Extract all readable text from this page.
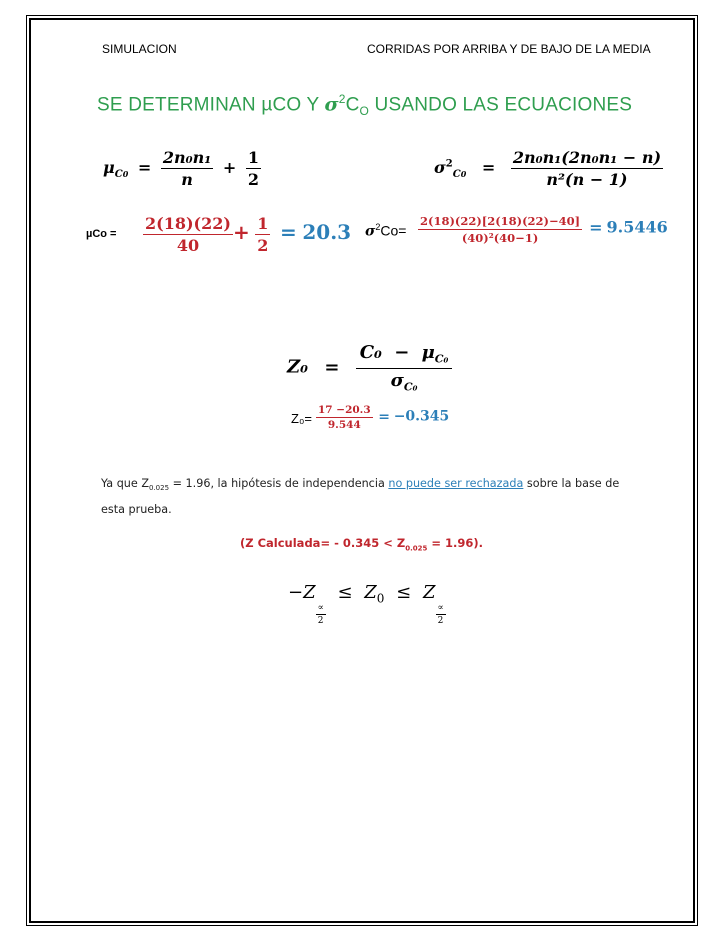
SIMULACION	CORRIDAS POR ARRIBA Y DE BAJO DE LA MEDIA
SE DETERMINAN µCO Y $\sigma^2C_O$ USANDO LAS ECUACIONES
$\mu_{C0} = \frac{\text{2n₀n₁}}{n} + \frac{1}{2}$	$\sigma^2_{C0} = \frac{\text{2n₀n₁(2n₀n₁ − n)}}{\text{n²(n − 1)}}$
$\mu Co = \frac{2(18)(22)}{40} + \frac{1}{2} = 20.3$ $\sigma^2Co= \frac{2(18)(22)[2(18)(22)-40]}{\text{(40)²(40−1)}} = 9.5446$
$Z_0 = \frac{C_0 - \mu_{C_0}}{\sigma_{C_0}}$
$Z_0= \frac{17 -20.3}{9.544} = -0.345$
Ya que $Z_{0.025} = 1.96$, la hipótesis de independencia no puede ser rechazada sobre la base de
esta prueba.
(Z Calculada= - $0.345 < Z_{0.025} = 1.96$).
−Z
$\frac{\propto}{2}$
≤ $Z_0 \le Z$
$\frac{\propto}{2}$
